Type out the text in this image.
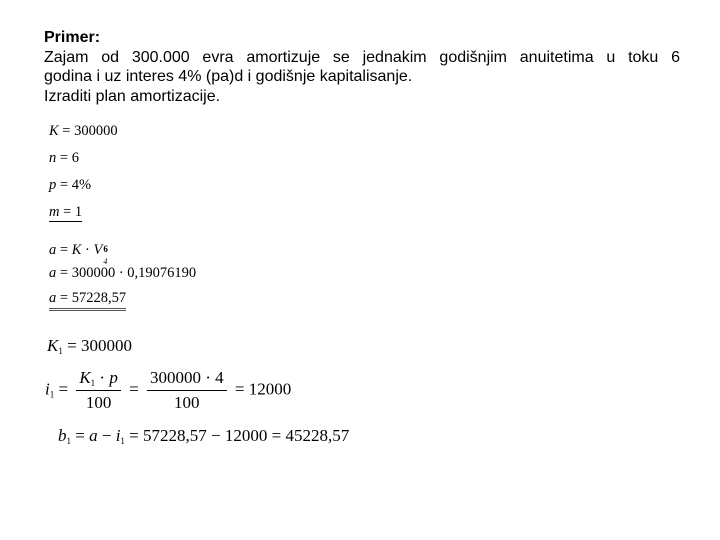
Primer:
Zajam od 300.000 evra amortizuje se jednakim godišnjim anuitetima u toku 6
godina i uz interes 4% (pa)d i godišnje kapitalisanje.
Izraditi plan amortizacije.
K = 300000
n = 6
p = 4%
m = 1
a = K · V 6
4
a = 300000 · 0,19076190
a = 57228,57
$K_1 = 300000$
$i_1 = \frac{K_1 \cdot p}{100} = \frac{300000 \cdot 4}{100} = 12000$
$b_1 = a - i_1 = 57228,57 - 12000 = 45228,57$
